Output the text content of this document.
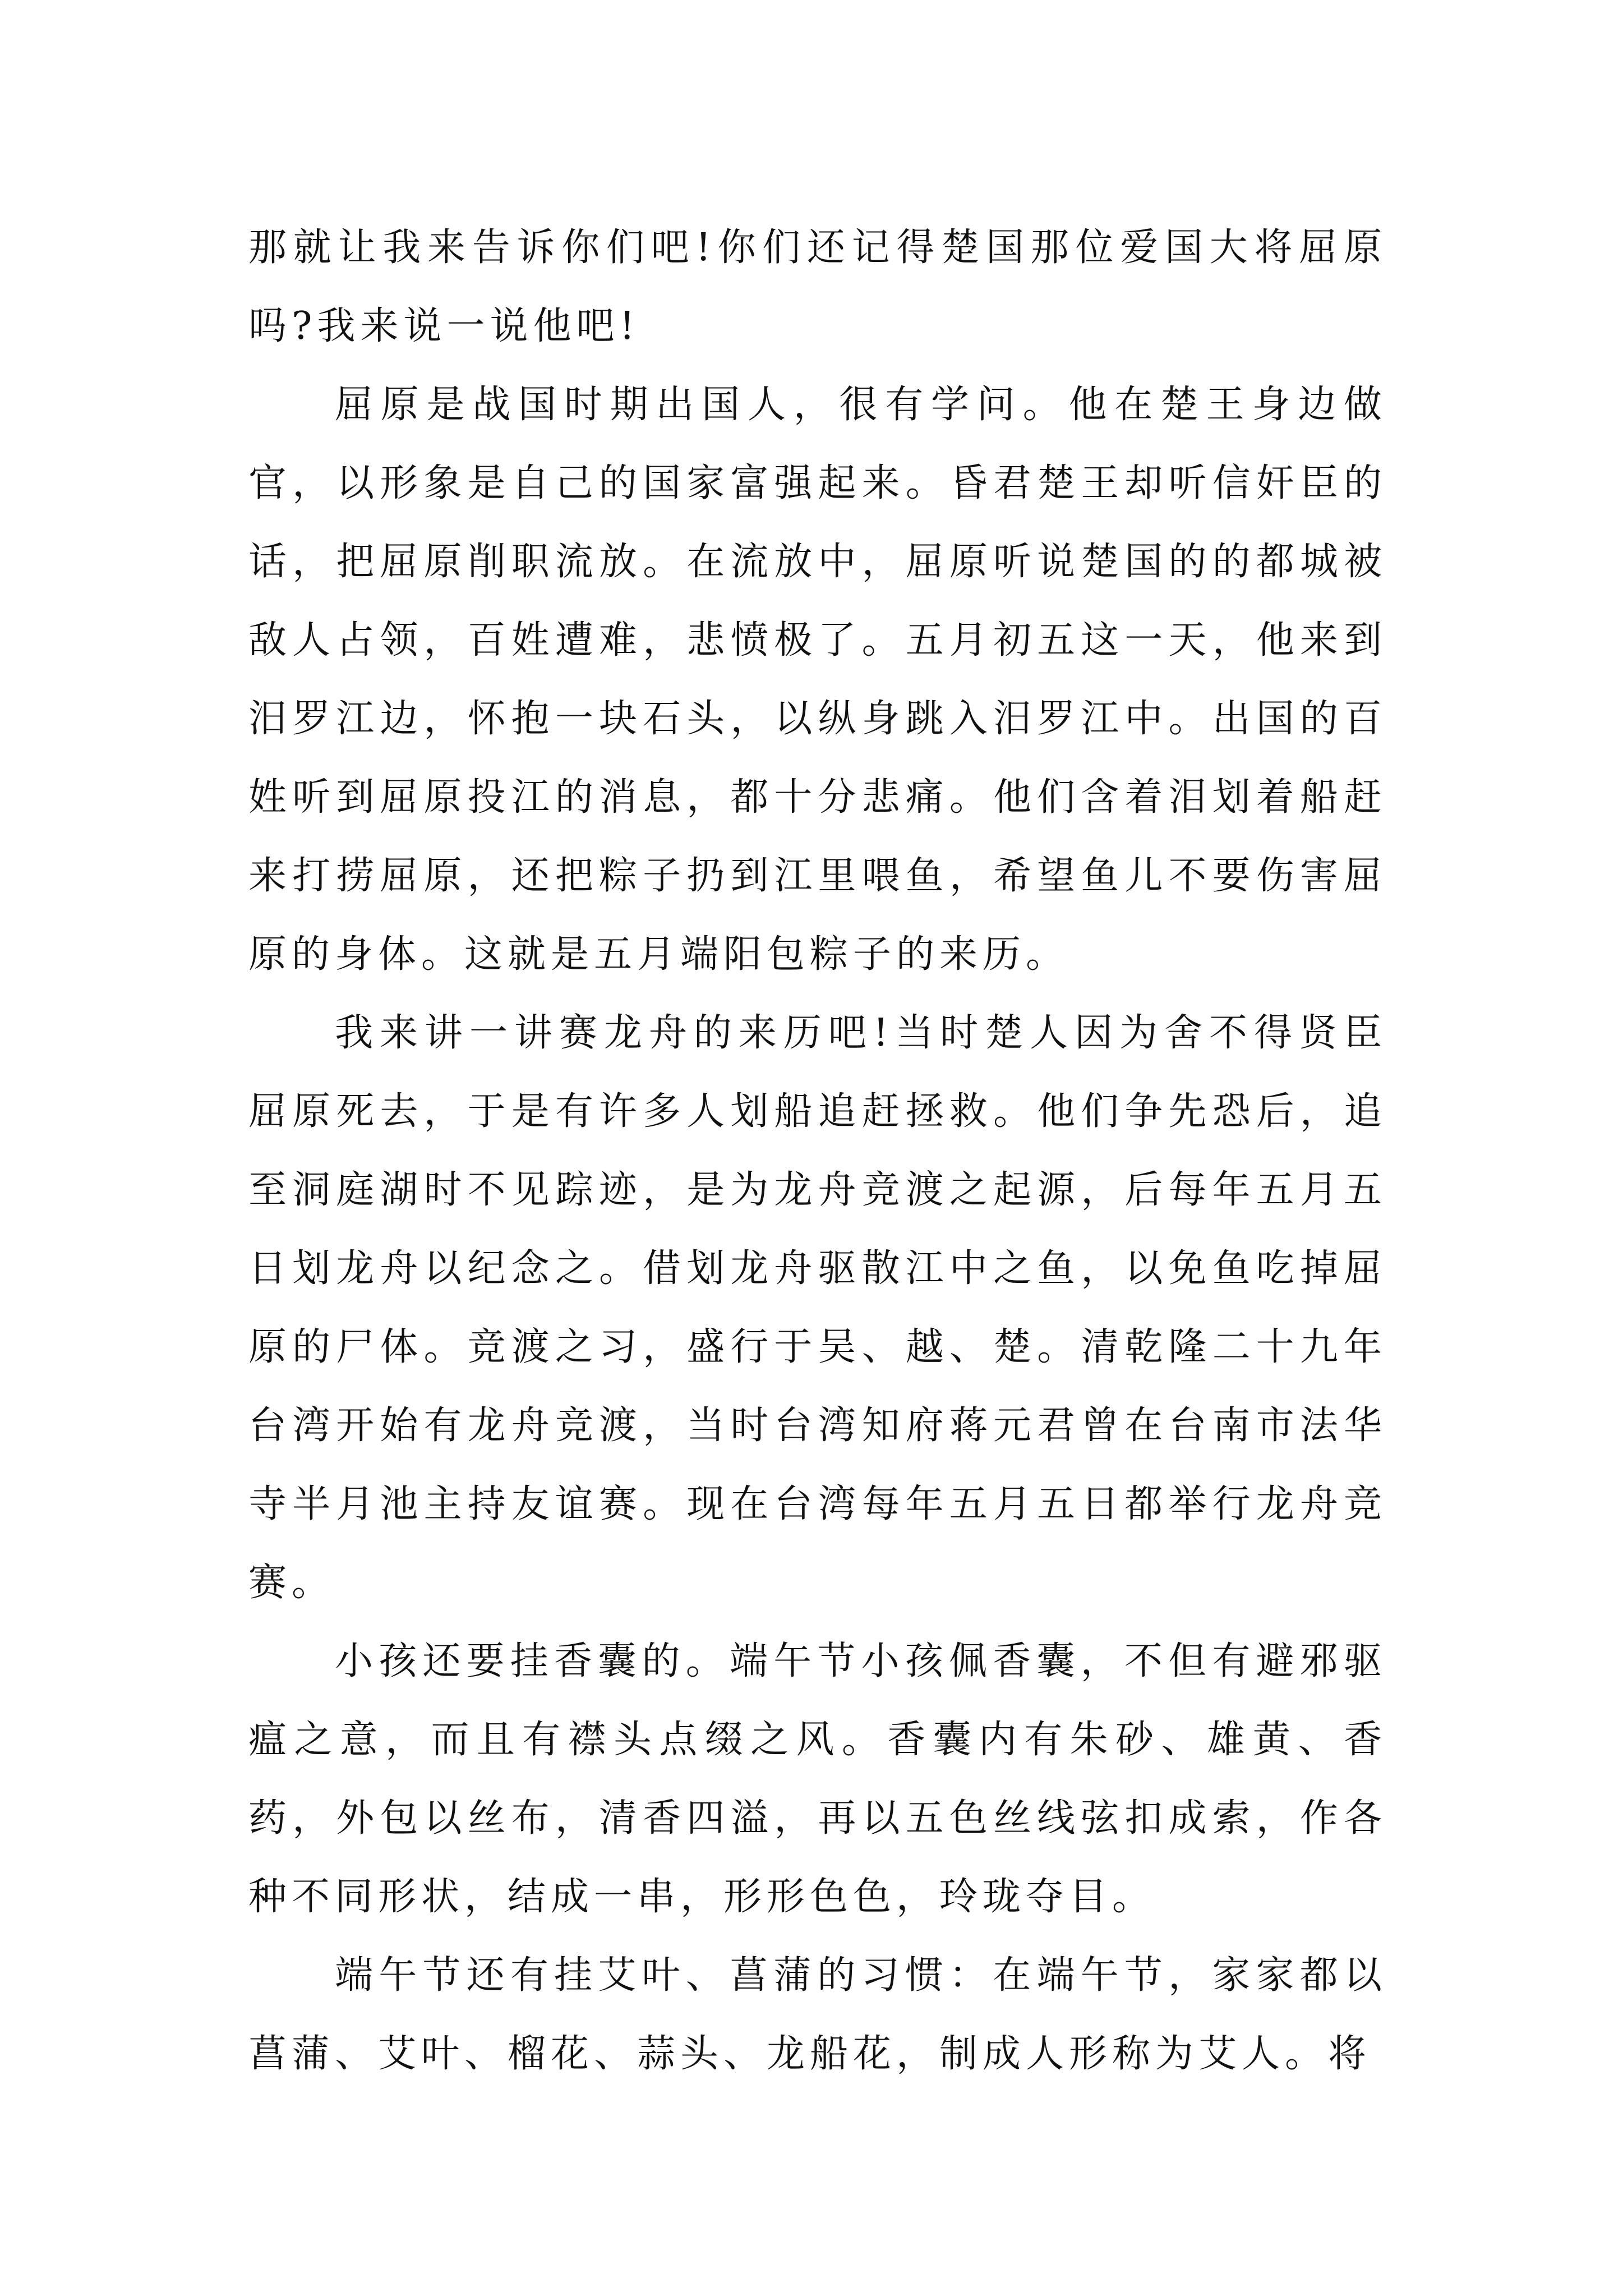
那就让我来告诉你们吧!你们还记得楚国那位爱国大将屈原吗?我来说一说他吧!

屈原是战国时期出国人，很有学问。他在楚王身边做官，以形象是自己的国家富强起来。昏君楚王却听信奸臣的话，把屈原削职流放。在流放中，屈原听说楚国的的都城被敌人占领，百姓遭难，悲愤极了。五月初五这一天，他来到汨罗江边，怀抱一块石头，以纵身跳入汨罗江中。出国的百姓听到屈原投江的消息，都十分悲痛。他们含着泪划着船赶来打捞屈原，还把粽子扔到江里喂鱼，希望鱼儿不要伤害屈原的身体。这就是五月端阳包粽子的来历。

我来讲一讲赛龙舟的来历吧!当时楚人因为舍不得贤臣屈原死去，于是有许多人划船追赶拯救。他们争先恐后，追至洞庭湖时不见踪迹，是为龙舟竞渡之起源，后每年五月五日划龙舟以纪念之。借划龙舟驱散江中之鱼，以免鱼吃掉屈原的尸体。竞渡之习，盛行于吴、越、楚。清乾隆二十九年台湾开始有龙舟竞渡，当时台湾知府蒋元君曾在台南市法华寺半月池主持友谊赛。现在台湾每年五月五日都举行龙舟竞赛。

小孩还要挂香囊的。端午节小孩佩香囊，不但有避邪驱瘟之意，而且有襟头点缀之风。香囊内有朱砂、雄黄、香药，外包以丝布，清香四溢，再以五色丝线弦扣成索，作各种不同形状，结成一串，形形色色，玲珑夺目。

端午节还有挂艾叶、菖蒲的习惯：在端午节，家家都以菖蒲、艾叶、榴花、蒜头、龙船花，制成人形称为艾人。将
